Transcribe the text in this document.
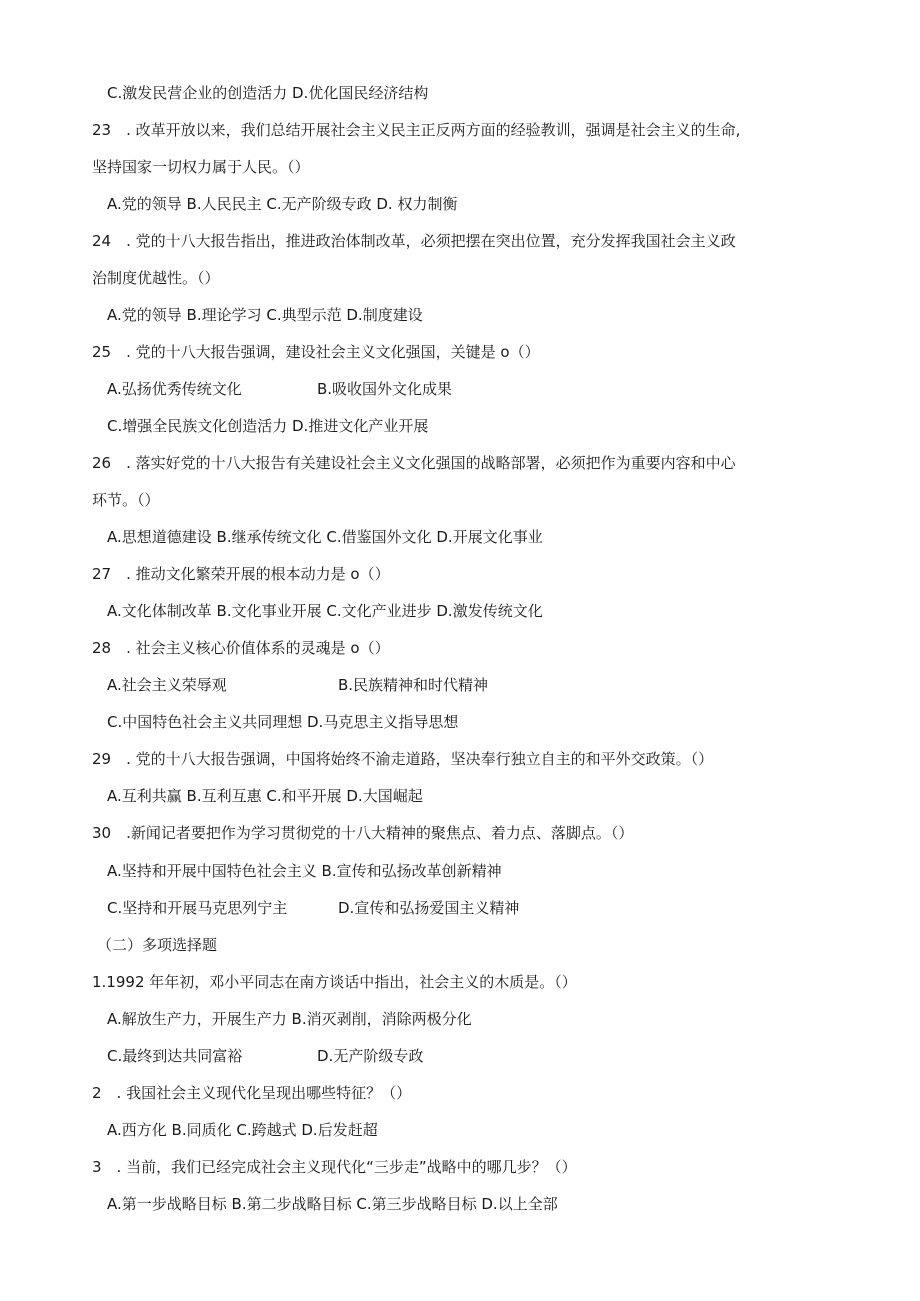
C.激发民营企业的创造活力 D.优化国民经济结构
23　. 改革开放以来，我们总结开展社会主义民主正反两方面的经验教训，强调是社会主义的生命,
坚持国家一切权力属于人民。（）
A.党的领导 B.人民民主 C.无产阶级专政 D. 权力制衡
24　. 党的十八大报告指出，推进政治体制改革，必须把摆在突出位置，充分发挥我国社会主义政
治制度优越性。（）
A.党的领导 B.理论学习 C.典型示范 D.制度建设
25　. 党的十八大报告强调，建设社会主义文化强国，关键是 o（）
A.弘扬优秀传统文化	B.吸收国外文化成果
C.增强全民族文化创造活力 D.推进文化产业开展
26　. 落实好党的十八大报告有关建设社会主义文化强国的战略部署，必须把作为重要内容和中心
环节。（）
A.思想道德建设 B.继承传统文化 C.借鉴国外文化 D.开展文化事业
27　. 推动文化繁荣开展的根本动力是 o（）
A.文化体制改革 B.文化事业开展 C.文化产业进步 D.激发传统文化
28　. 社会主义核心价值体系的灵魂是 o（）
A.社会主义荣辱观	B.民族精神和时代精神
C.中国特色社会主义共同理想 D.马克思主义指导思想
29　. 党的十八大报告强调，中国将始终不渝走道路，坚决奉行独立自主的和平外交政策。（）
A.互利共赢 B.互利互惠 C.和平开展 D.大国崛起
30　.新闻记者要把作为学习贯彻党的十八大精神的聚焦点、着力点、落脚点。（）
A.坚持和开展中国特色社会主义 B.宣传和弘扬改革创新精神
C.坚持和开展马克思列宁主	D.宣传和弘扬爱国主义精神
（二）多项选择题
1.1992 年年初，邓小平同志在南方谈话中指出，社会主义的木质是。（）
A.解放生产力，开展生产力 B.消灭剥削，消除两极分化
C.最终到达共同富裕	D.无产阶级专政
2　. 我国社会主义现代化呈现出哪些特征？（）
A.西方化 B.同质化 C.跨越式 D.后发赶超
3　. 当前，我们已经完成社会主义现代化“三步走”战略中的哪几步？（）
A.第一步战略目标 B.第二步战略目标 C.第三步战略目标 D.以上全部
